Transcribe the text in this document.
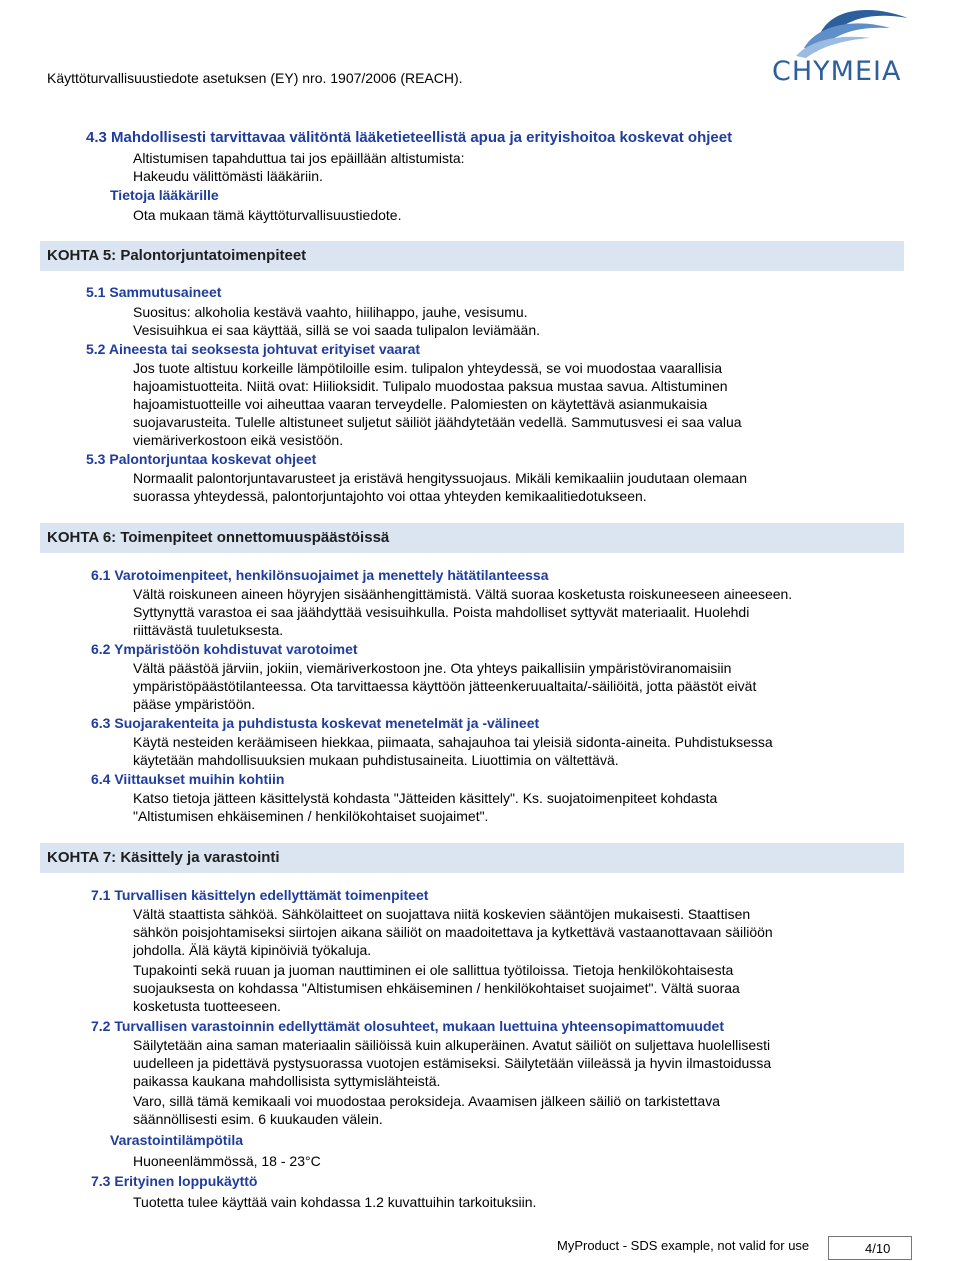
Käyttöturvallisuustiedote asetuksen (EY) nro. 1907/2006 (REACH).	CHYMEIA
4.3 Mahdollisesti tarvittavaa välitöntä lääketieteellistä apua ja erityishoitoa koskevat ohjeet
Altistumisen tapahduttua tai jos epäillään altistumista:
Hakeudu välittömästi lääkäriin.
Tietoja lääkärille
Ota mukaan tämä käyttöturvallisuustiedote.
KOHTA 5: Palontorjuntatoimenpiteet
5.1 Sammutusaineet
Suositus: alkoholia kestävä vaahto, hiilihappo, jauhe, vesisumu.
Vesisuihkua ei saa käyttää, sillä se voi saada tulipalon leviämään.
5.2 Aineesta tai seoksesta johtuvat erityiset vaarat
Jos tuote altistuu korkeille lämpötiloille esim. tulipalon yhteydessä, se voi muodostaa vaarallisia
hajoamistuotteita. Niitä ovat: Hiilioksidit. Tulipalo muodostaa paksua mustaa savua. Altistuminen
hajoamistuotteille voi aiheuttaa vaaran terveydelle. Palomiesten on käytettävä asianmukaisia
suojavarusteita. Tulelle altistuneet suljetut säiliöt jäähdytetään vedellä. Sammutusvesi ei saa valua
viemäriverkostoon eikä vesistöön.
5.3 Palontorjuntaa koskevat ohjeet
Normaalit palontorjuntavarusteet ja eristävä hengityssuojaus. Mikäli kemikaaliin joudutaan olemaan
suorassa yhteydessä, palontorjuntajohto voi ottaa yhteyden kemikaalitiedotukseen.
KOHTA 6: Toimenpiteet onnettomuuspäästöissä
6.1 Varotoimenpiteet, henkilönsuojaimet ja menettely hätätilanteessa
Vältä roiskuneen aineen höyryjen sisäänhengittämistä. Vältä suoraa kosketusta roiskuneeseen aineeseen.
Syttynyttä varastoa ei saa jäähdyttää vesisuihkulla. Poista mahdolliset syttyvät materiaalit. Huolehdi
riittävästä tuuletuksesta.
6.2 Ympäristöön kohdistuvat varotoimet
Vältä päästöä järviin, jokiin, viemäriverkostoon jne. Ota yhteys paikallisiin ympäristöviranomaisiin
ympäristöpäästötilanteessa. Ota tarvittaessa käyttöön jätteenkeruualtaita/-säiliöitä, jotta päästöt eivät
pääse ympäristöön.
6.3 Suojarakenteita ja puhdistusta koskevat menetelmät ja -välineet
Käytä nesteiden keräämiseen hiekkaa, piimaata, sahajauhoa tai yleisiä sidonta-aineita. Puhdistuksessa
käytetään mahdollisuuksien mukaan puhdistusaineita. Liuottimia on vältettävä.
6.4 Viittaukset muihin kohtiin
Katso tietoja jätteen käsittelystä kohdasta "Jätteiden käsittely". Ks. suojatoimenpiteet kohdasta
"Altistumisen ehkäiseminen / henkilökohtaiset suojaimet".
KOHTA 7: Käsittely ja varastointi
7.1 Turvallisen käsittelyn edellyttämät toimenpiteet
Vältä staattista sähköä. Sähkölaitteet on suojattava niitä koskevien sääntöjen mukaisesti. Staattisen
sähkön poisjohtamiseksi siirtojen aikana säiliöt on maadoitettava ja kytkettävä vastaanottavaan säiliöön
johdolla. Älä käytä kipinöiviä työkaluja.
Tupakointi sekä ruuan ja juoman nauttiminen ei ole sallittua työtiloissa. Tietoja henkilökohtaisesta
suojauksesta on kohdassa "Altistumisen ehkäiseminen / henkilökohtaiset suojaimet". Vältä suoraa
kosketusta tuotteeseen.
7.2 Turvallisen varastoinnin edellyttämät olosuhteet, mukaan luettuina yhteensopimattomuudet
Säilytetään aina saman materiaalin säiliöissä kuin alkuperäinen. Avatut säiliöt on suljettava huolellisesti
uudelleen ja pidettävä pystysuorassa vuotojen estämiseksi. Säilytetään viileässä ja hyvin ilmastoidussa
paikassa kaukana mahdollisista syttymislähteistä.
Varo, sillä tämä kemikaali voi muodostaa peroksideja. Avaamisen jälkeen säiliö on tarkistettava
säännöllisesti esim. 6 kuukauden välein.
Varastointilämpötila
Huoneenlämmössä, 18 - 23°C
7.3 Erityinen loppukäyttö
Tuotetta tulee käyttää vain kohdassa 1.2 kuvattuihin tarkoituksiin.
MyProduct - SDS example, not valid for use	4/10
